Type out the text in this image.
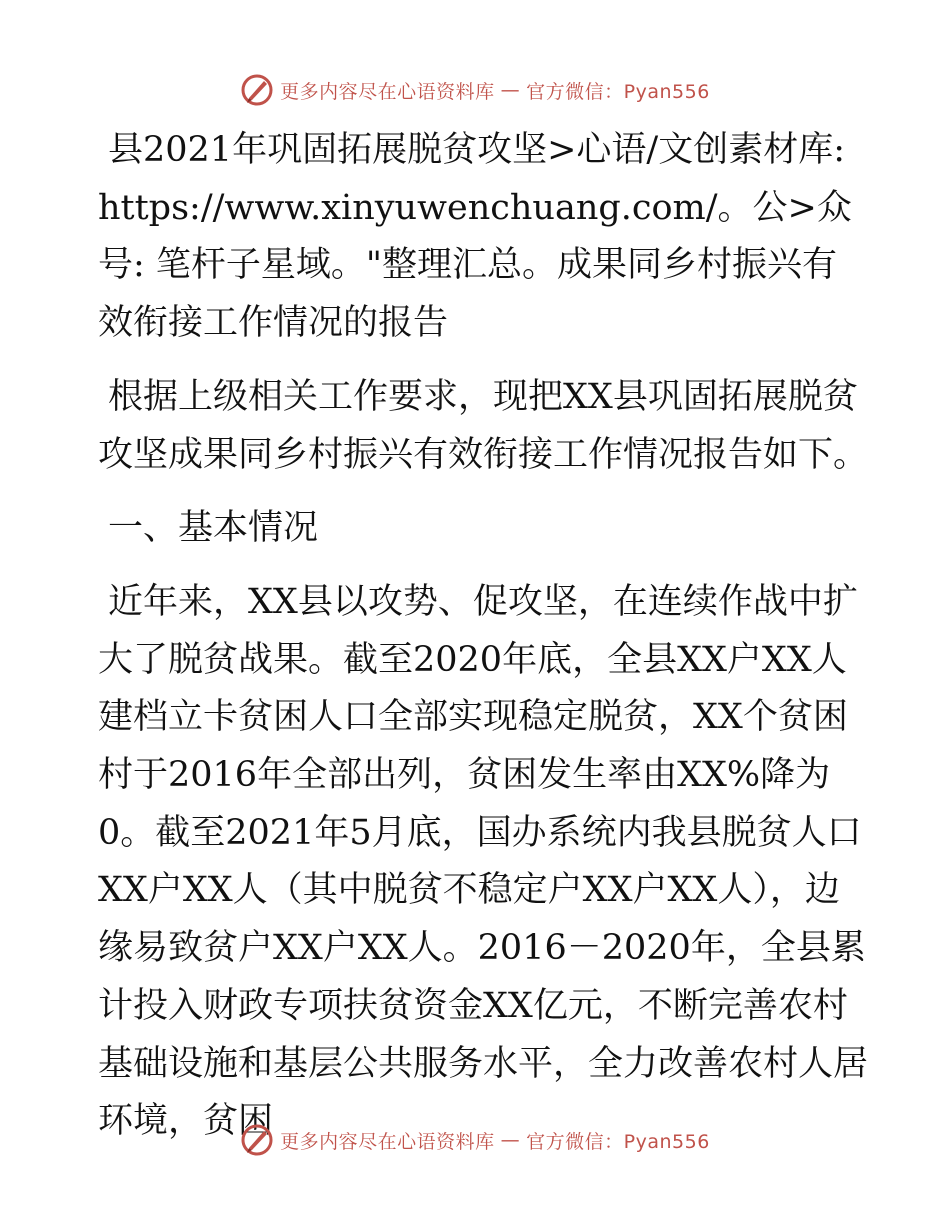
更多内容尽在心语资料库 — 官方微信：Pyan556

县2021年巩固拓展脱贫攻坚>心语/文创素材库: https://www.xinyuwenchuang.com/。公>众号: 笔杆子星域。"整理汇总。成果同乡村振兴有效衔接工作情况的报告

根据上级相关工作要求，现把XX县巩固拓展脱贫攻坚成果同乡村振兴有效衔接工作情况报告如下。

一、基本情况

近年来，XX县以攻势、促攻坚，在连续作战中扩大了脱贫战果。截至2020年底，全县XX户XX人建档立卡贫困人口全部实现稳定脱贫，XX个贫困村于2016年全部出列，贫困发生率由XX%降为0。截至2021年5月底，国办系统内我县脱贫人口XX户XX人（其中脱贫不稳定户XX户XX人），边缘易致贫户XX户XX人。2016－2020年，全县累计投入财政专项扶贫资金XX亿元，不断完善农村基础设施和基层公共服务水平，全力改善农村人居环境，贫困

更多内容尽在心语资料库 — 官方微信：Pyan556
